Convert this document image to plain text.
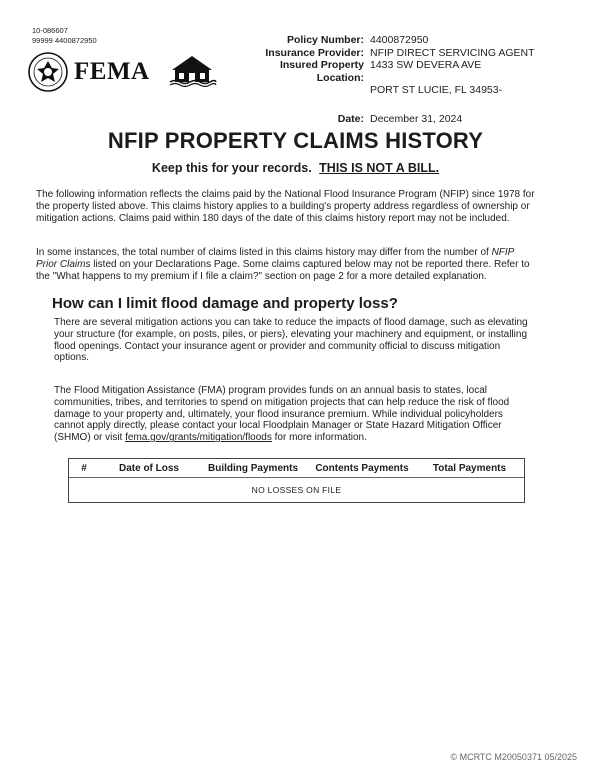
10-086607
99999 4400872950
FEMA
Policy Number: 4400872950
Insurance Provider: NFIP DIRECT SERVICING AGENT
Insured Property Location:
1433 SW DEVERA AVE
PORT ST LUCIE, FL 34953-
Date: December 31, 2024
NFIP PROPERTY CLAIMS HISTORY
Keep this for your records. THIS IS NOT A BILL.
The following information reflects the claims paid by the National Flood Insurance Program (NFIP) since 1978 for the property listed above. This claims history applies to a building's property address regardless of ownership or mitigation actions. Claims paid within 180 days of the date of this claims history report may not be included.
In some instances, the total number of claims listed in this claims history may differ from the number of NFIP Prior Claims listed on your Declarations Page. Some claims captured below may not be reported there. Refer to the "What happens to my premium if I file a claim?" section on page 2 for a more detailed explanation.
How can I limit flood damage and property loss?
There are several mitigation actions you can take to reduce the impacts of flood damage, such as elevating your structure (for example, on posts, piles, or piers), elevating your machinery and equipment, or installing flood openings. Contact your insurance agent or provider and community official to discuss mitigation options.
The Flood Mitigation Assistance (FMA) program provides funds on an annual basis to states, local communities, tribes, and territories to spend on mitigation projects that can help reduce the risk of flood damage to your property and, ultimately, your flood insurance premium. While individual policyholders cannot apply directly, please contact your local Floodplain Manager or State Hazard Mitigation Officer (SHMO) or visit fema.gov/grants/mitigation/floods for more information.
#	Date of Loss	Building Payments	Contents Payments	Total Payments
NO LOSSES ON FILE
© MCRTC M20050371 05/2025
